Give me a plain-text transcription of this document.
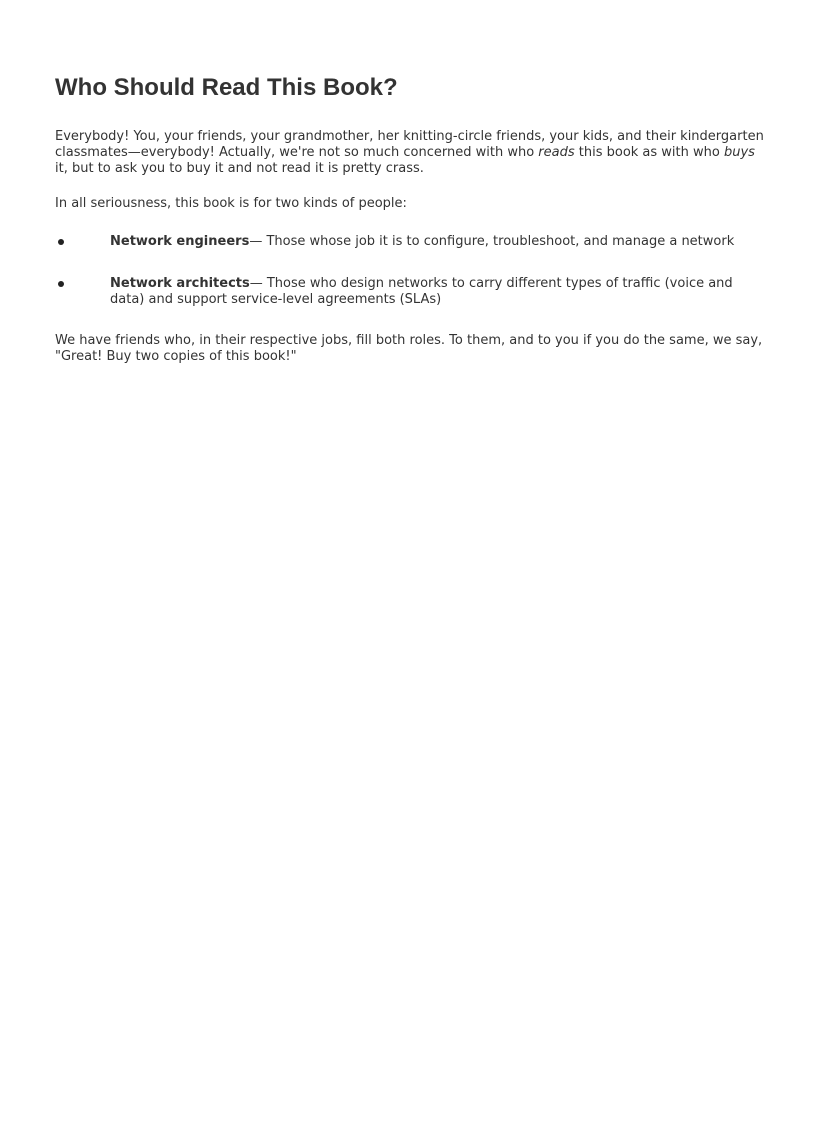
Who Should Read This Book?

Everybody! You, your friends, your grandmother, her knitting-circle friends, your kids, and their kindergarten classmates—everybody! Actually, we're not so much concerned with who reads this book as with who buys it, but to ask you to buy it and not read it is pretty crass.

In all seriousness, this book is for two kinds of people:

Network engineers— Those whose job it is to configure, troubleshoot, and manage a network
Network architects— Those who design networks to carry different types of traffic (voice and data) and support service-level agreements (SLAs)

We have friends who, in their respective jobs, fill both roles. To them, and to you if you do the same, we say, "Great! Buy two copies of this book!"
